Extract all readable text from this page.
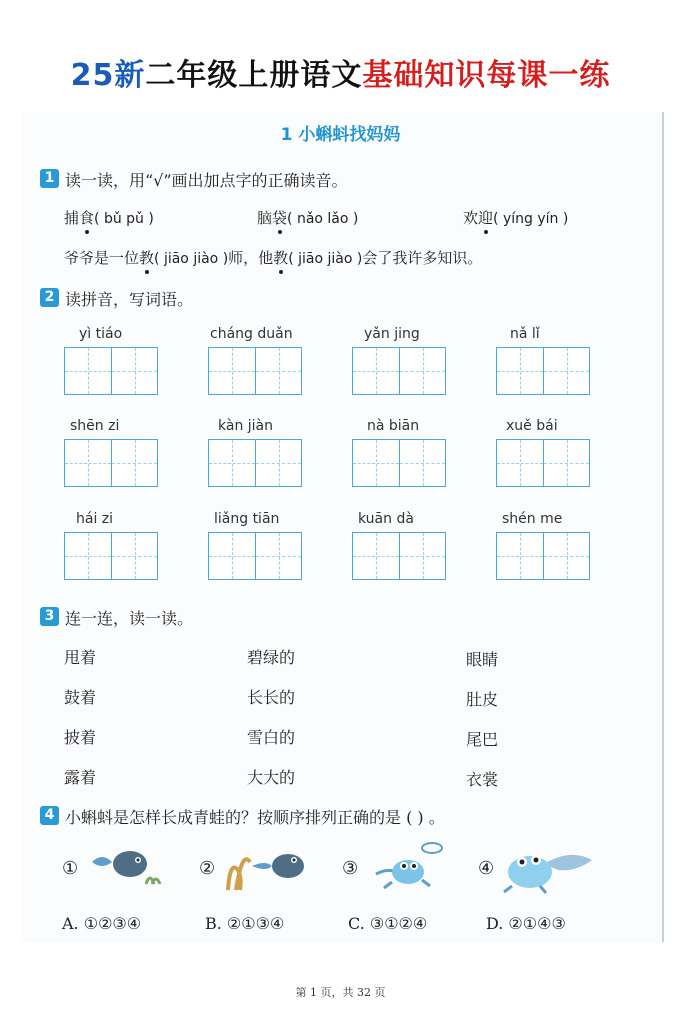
25新二年级上册语文基础知识每课一练
1 小蝌蚪找妈妈
1 读一读，用“√”画出加点字的正确读音。
捕食( bǔ pǔ )	脑袋( nǎo lǎo )	欢迎( yíng yín )
爷爷是一位教( jiāo jiào )师，他教( jiāo jiào )会了我许多知识。
2 读拼音，写词语。
yì tiáo	cháng duǎn	yǎn jing	nǎ lǐ
shēn zi	kàn jiàn	nà biān	xuě bái
hái zi	liǎng tiān	kuān dà	shén me
3 连一连，读一读。
甩着
鼓着
披着
露着
碧绿的
长长的
雪白的
大大的
眼睛
肚皮
尾巴
衣裳
4 小蝌蚪是怎样长成青蛙的？按顺序排列正确的是 ( ) 。
①	②	③	④
A. ①②③④	B. ②①③④	C. ③①②④	D. ②①④③
第 1 页，共 32 页
